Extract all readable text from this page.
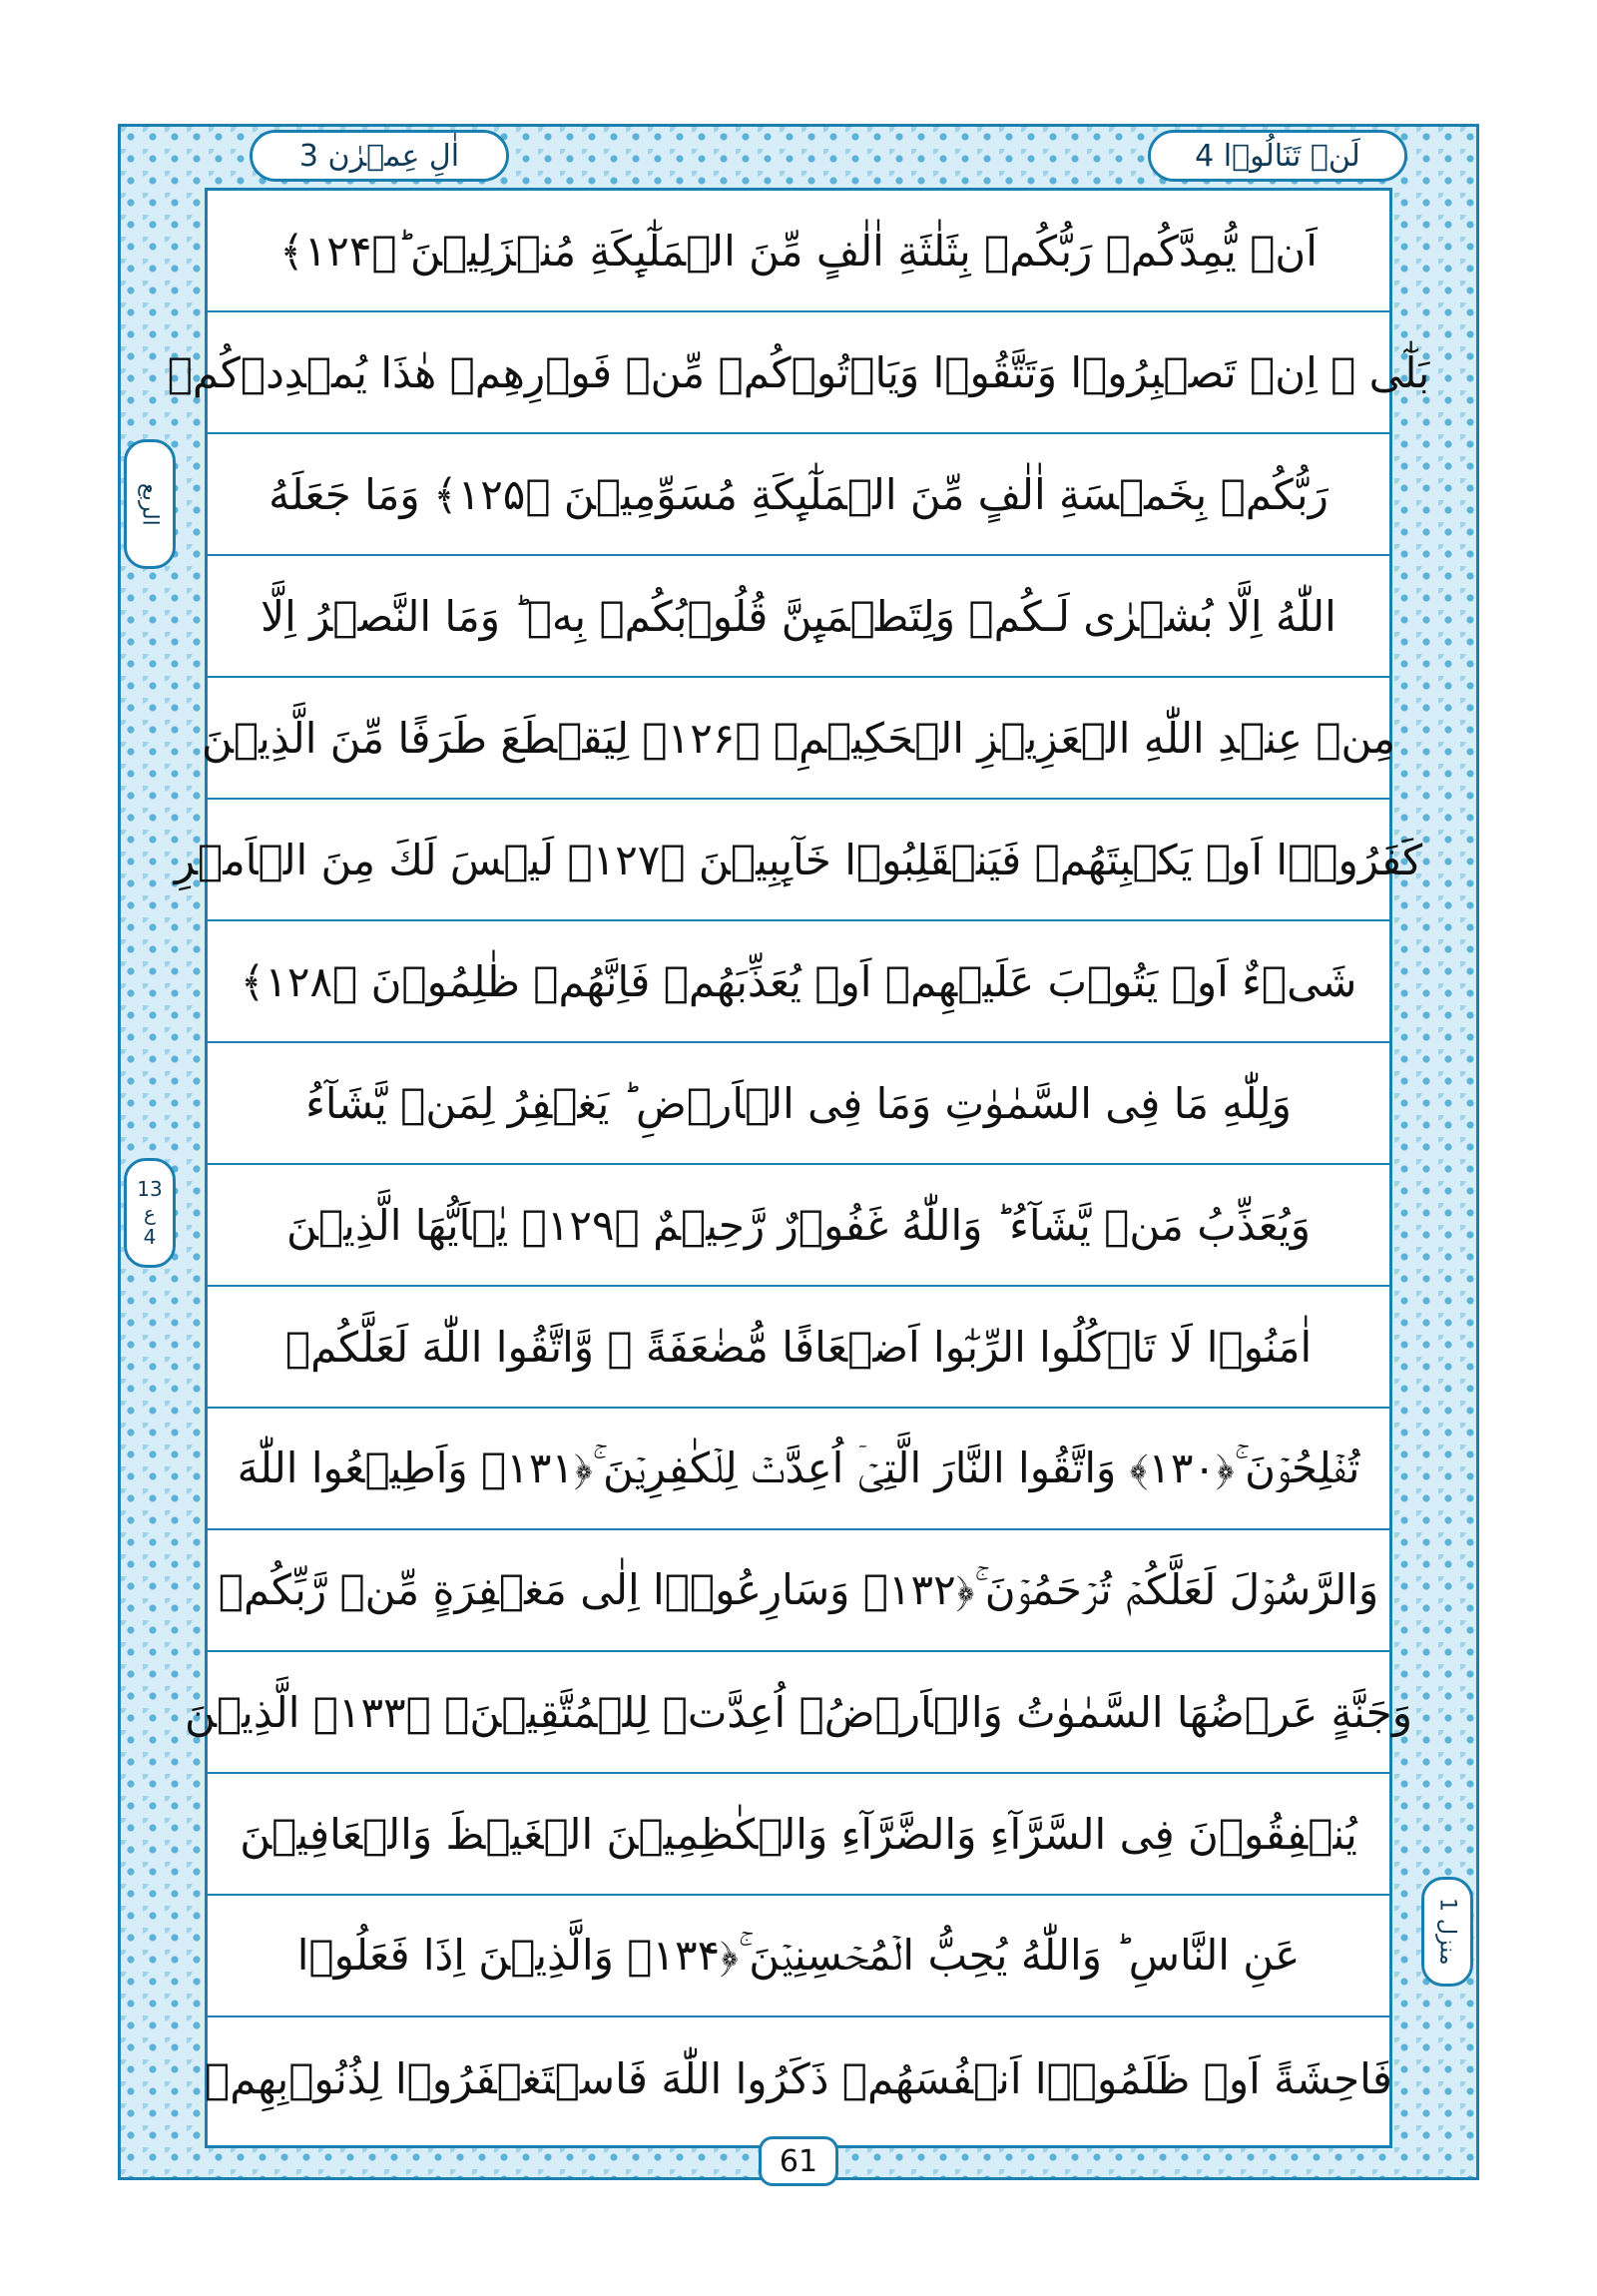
لَنۡ تَنَالُوۡا 4
اٰلِ عِمۡرٰن 3
اَنۡ يُّمِدَّكُمۡ رَبُّكُمۡ بِثَلٰثَةِ اٰلٰفٍ مِّنَ الۡمَلٰٓٮِٕكَةِ مُنۡزَلِيۡنَ ؕ﴿۱۲۴﴾
بَلٰٓى ۙ اِنۡ تَصۡبِرُوۡا وَتَتَّقُوۡا وَيَاۡتُوۡكُمۡ مِّنۡ فَوۡرِهِمۡ هٰذَا يُمۡدِدۡكُمۡ
رَبُّكُمۡ بِخَمۡسَةِ اٰلٰفٍ مِّنَ الۡمَلٰٓٮِٕكَةِ مُسَوِّمِيۡنَ ﴿۱۲۵﴾ وَمَا جَعَلَهُ
اللّٰهُ اِلَّا بُشۡرٰى لَـكُمۡ وَلِتَطۡمَٮِٕنَّ قُلُوۡبُكُمۡ بِهٖ ​ؕ وَمَا النَّصۡرُ اِلَّا
مِنۡ عِنۡدِ اللّٰهِ الۡعَزِيۡزِ الۡحَكِيۡمِۙ ﴿۱۲۶﴾ لِيَقۡطَعَ طَرَفًا مِّنَ الَّذِيۡنَ
كَفَرُوۡۤا اَوۡ يَكۡبِتَهُمۡ فَيَنۡقَلِبُوۡا خَآٮِٕبِيۡنَ ﴿۱۲۷﴾ لَيۡسَ لَكَ مِنَ الۡاَمۡرِ
شَىۡءٌ اَوۡ يَتُوۡبَ عَلَيۡهِمۡ اَوۡ يُعَذِّبَهُمۡ فَاِنَّهُمۡ ظٰلِمُوۡنَ ﴿۱۲۸﴾
وَلِلّٰهِ مَا فِى السَّمٰوٰتِ وَمَا فِى الۡاَرۡضِ ؕ يَغۡفِرُ لِمَنۡ يَّشَآءُ
وَيُعَذِّبُ مَنۡ يَّشَآءُ ؕ وَاللّٰهُ غَفُوۡرٌ رَّحِيۡمٌ ﴿۱۲۹﴾ يٰۤاَيُّهَا الَّذِيۡنَ
اٰمَنُوۡا لَا تَاۡكُلُوا الرِّبٰٓوا اَضۡعَافًا مُّضٰعَفَةً ​ۖ وَّاتَّقُوا اللّٰهَ لَعَلَّكُمۡ
تُفۡلِحُوۡنَ ۚ﴿۱۳۰﴾ وَاتَّقُوا النَّارَ الَّتِىۡۤ اُعِدَّتۡ لِلۡكٰفِرِيۡنَ ۚ﴿۱۳۱﴾ وَاَطِيۡعُوا اللّٰهَ
وَالرَّسُوۡلَ لَعَلَّكُمۡ تُرۡحَمُوۡنَ ۚ﴿۱۳۲﴾ وَسَارِعُوۡۤا اِلٰى مَغۡفِرَةٍ مِّنۡ رَّبِّكُمۡ
وَجَنَّةٍ عَرۡضُهَا السَّمٰوٰتُ وَالۡاَرۡضُۙ اُعِدَّتۡ لِلۡمُتَّقِيۡنَۙ ﴿۱۳۳﴾ الَّذِيۡنَ
يُنۡفِقُوۡنَ فِى السَّرَّآءِ وَالضَّرَّآءِ وَالۡكٰظِمِيۡنَ الۡغَيۡظَ وَالۡعَافِيۡنَ
عَنِ النَّاسِ ؕ وَاللّٰهُ يُحِبُّ الۡمُحۡسِنِيۡنَ ۚ﴿۱۳۴﴾ وَالَّذِيۡنَ اِذَا فَعَلُوۡا
فَاحِشَةً اَوۡ ظَلَمُوۡۤا اَنۡفُسَهُمۡ ذَكَرُوا اللّٰهَ فَاسۡتَغۡفَرُوۡا لِذُنُوۡبِهِمۡ
الربع
13
ع
4
منزل 1
61
